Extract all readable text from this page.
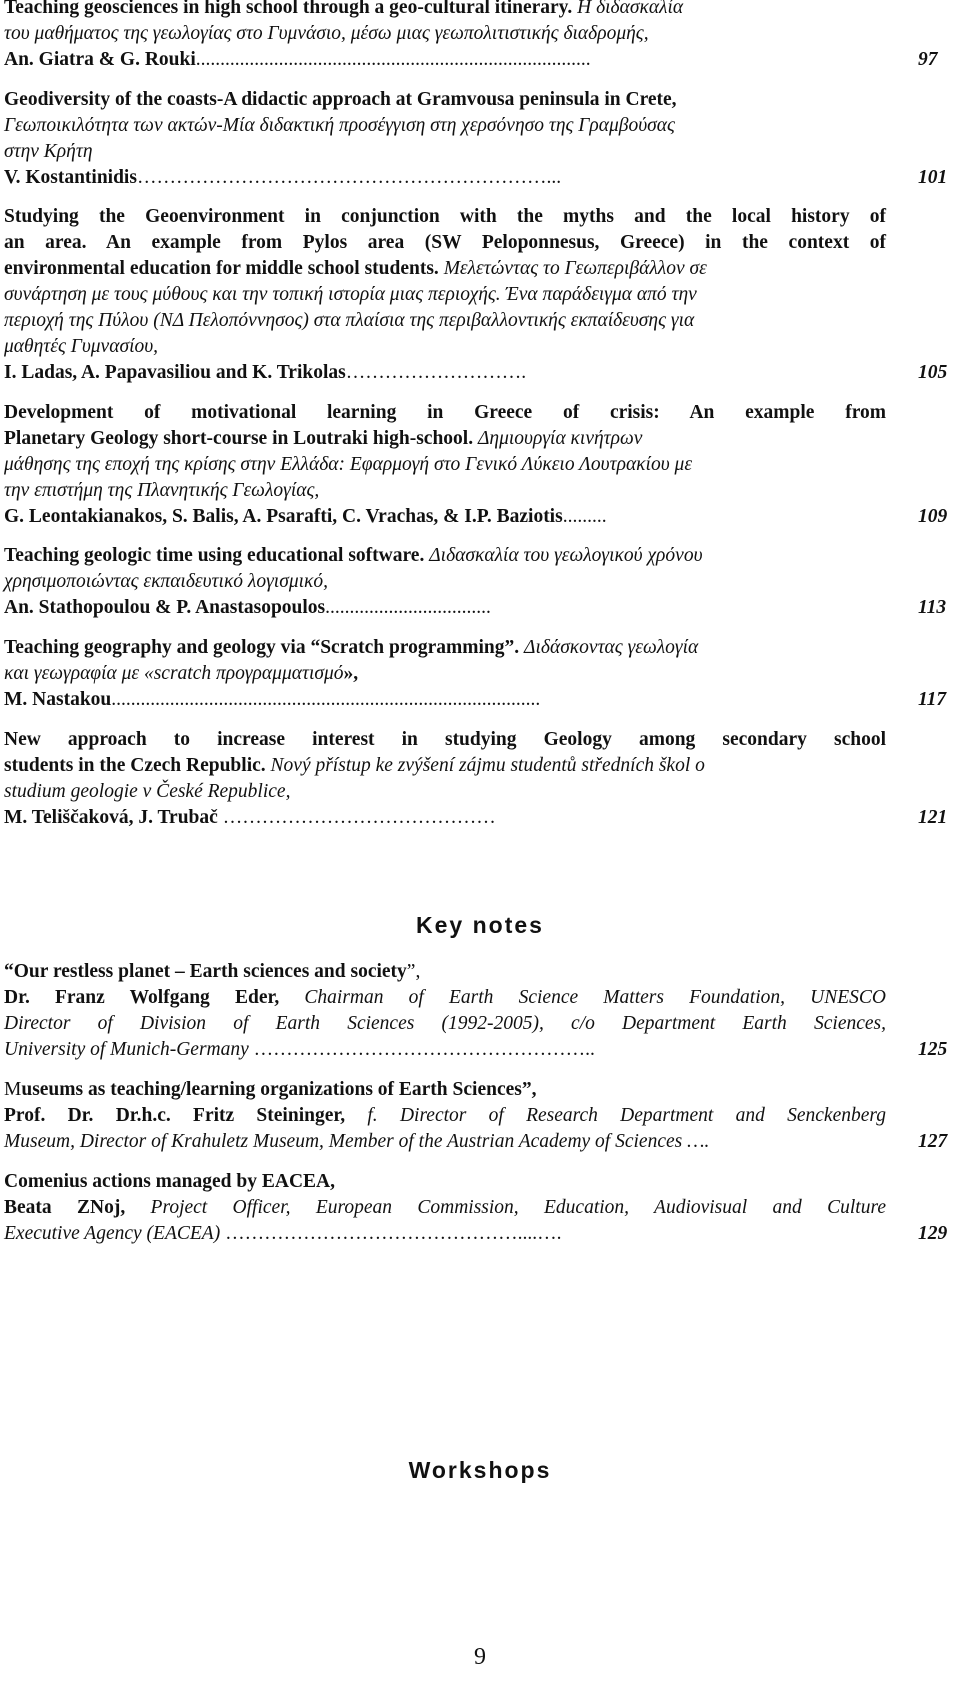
Teaching geosciences in high school through a geo-cultural itinerary. Η διδασκαλία
του μαθήματος της γεωλογίας στο Γυμνάσιο, μέσω μιας γεωπολιτιστικής διαδρομής,
An. Giatra & G. Rouki.................................................................................	97
Geodiversity of the coasts-A didactic approach at Gramvousa peninsula in Crete,
Γεωποικιλότητα των ακτών-Μία διδακτική προσέγγιση στη χερσόνησο της Γραμβούσας
στην Κρήτη
V. Kostantinidis………………………………………………………...	101
Studying the Geoenvironment in conjunction with the myths and the local history of
an area. An example from Pylos area (SW Peloponnesus, Greece) in the context of
environmental education for middle school students. Μελετώντας το Γεωπεριβάλλον σε
συνάρτηση με τους μύθους και την τοπική ιστορία μιας περιοχής. Ένα παράδειγμα από την
περιοχή της Πύλου (ΝΔ Πελοπόννησος) στα πλαίσια της περιβαλλοντικής εκπαίδευσης για
μαθητές Γυμνασίου,
I. Ladas, A. Papavasiliou and K. Trikolas……………………….	105
Development of motivational learning in Greece of crisis: An example from
Planetary Geology short-course in Loutraki high-school. Δημιουργία κινήτρων
μάθησης της εποχή της κρίσης στην Ελλάδα: Εφαρμογή στο Γενικό Λύκειο Λουτρακίου με
την επιστήμη της Πλανητικής Γεωλογίας,
G. Leontakianakos, S. Balis, A. Psarafti, C. Vrachas, & I.P. Baziotis.........	109
Teaching geologic time using educational software. Διδασκαλία του γεωλογικού χρόνου
χρησιμοποιώντας εκπαιδευτικό λογισμικό,
An. Stathopoulou & P. Anastasopoulos..................................	113
Teaching geography and geology via “Scratch programming”. Διδάσκοντας γεωλογία
και γεωγραφία με «scratch προγραμματισμό»,
M. Nastakou........................................................................................	117
New approach to increase interest in studying Geology among secondary school
students in the Czech Republic. Nový přístup ke zvýšení zájmu studentů středních škol o
studium geologie v České Republice,
M. Teliščaková, J. Trubač ……………………………………	121
Key notes
“Our restless planet – Earth sciences and society”,
Dr. Franz Wolfgang Eder, Chairman of Earth Science Matters Foundation, UNESCO
Director of Division of Earth Sciences (1992-2005), c/o Department Earth Sciences,
University of Munich-Germany ……………………………………………..	125
Museums as teaching/learning organizations of Earth Sciences”,
Prof. Dr. Dr.h.c. Fritz Steininger, f. Director of Research Department and Senckenberg
Museum, Director of Krahuletz Museum, Member of the Austrian Academy of Sciences ….	127
Comenius actions managed by EACEA,
Beata ZNoj, Project Officer, European Commission, Education, Audiovisual and Culture
Executive Agency (EACEA) ………………………………………....….	129
Workshops
9
